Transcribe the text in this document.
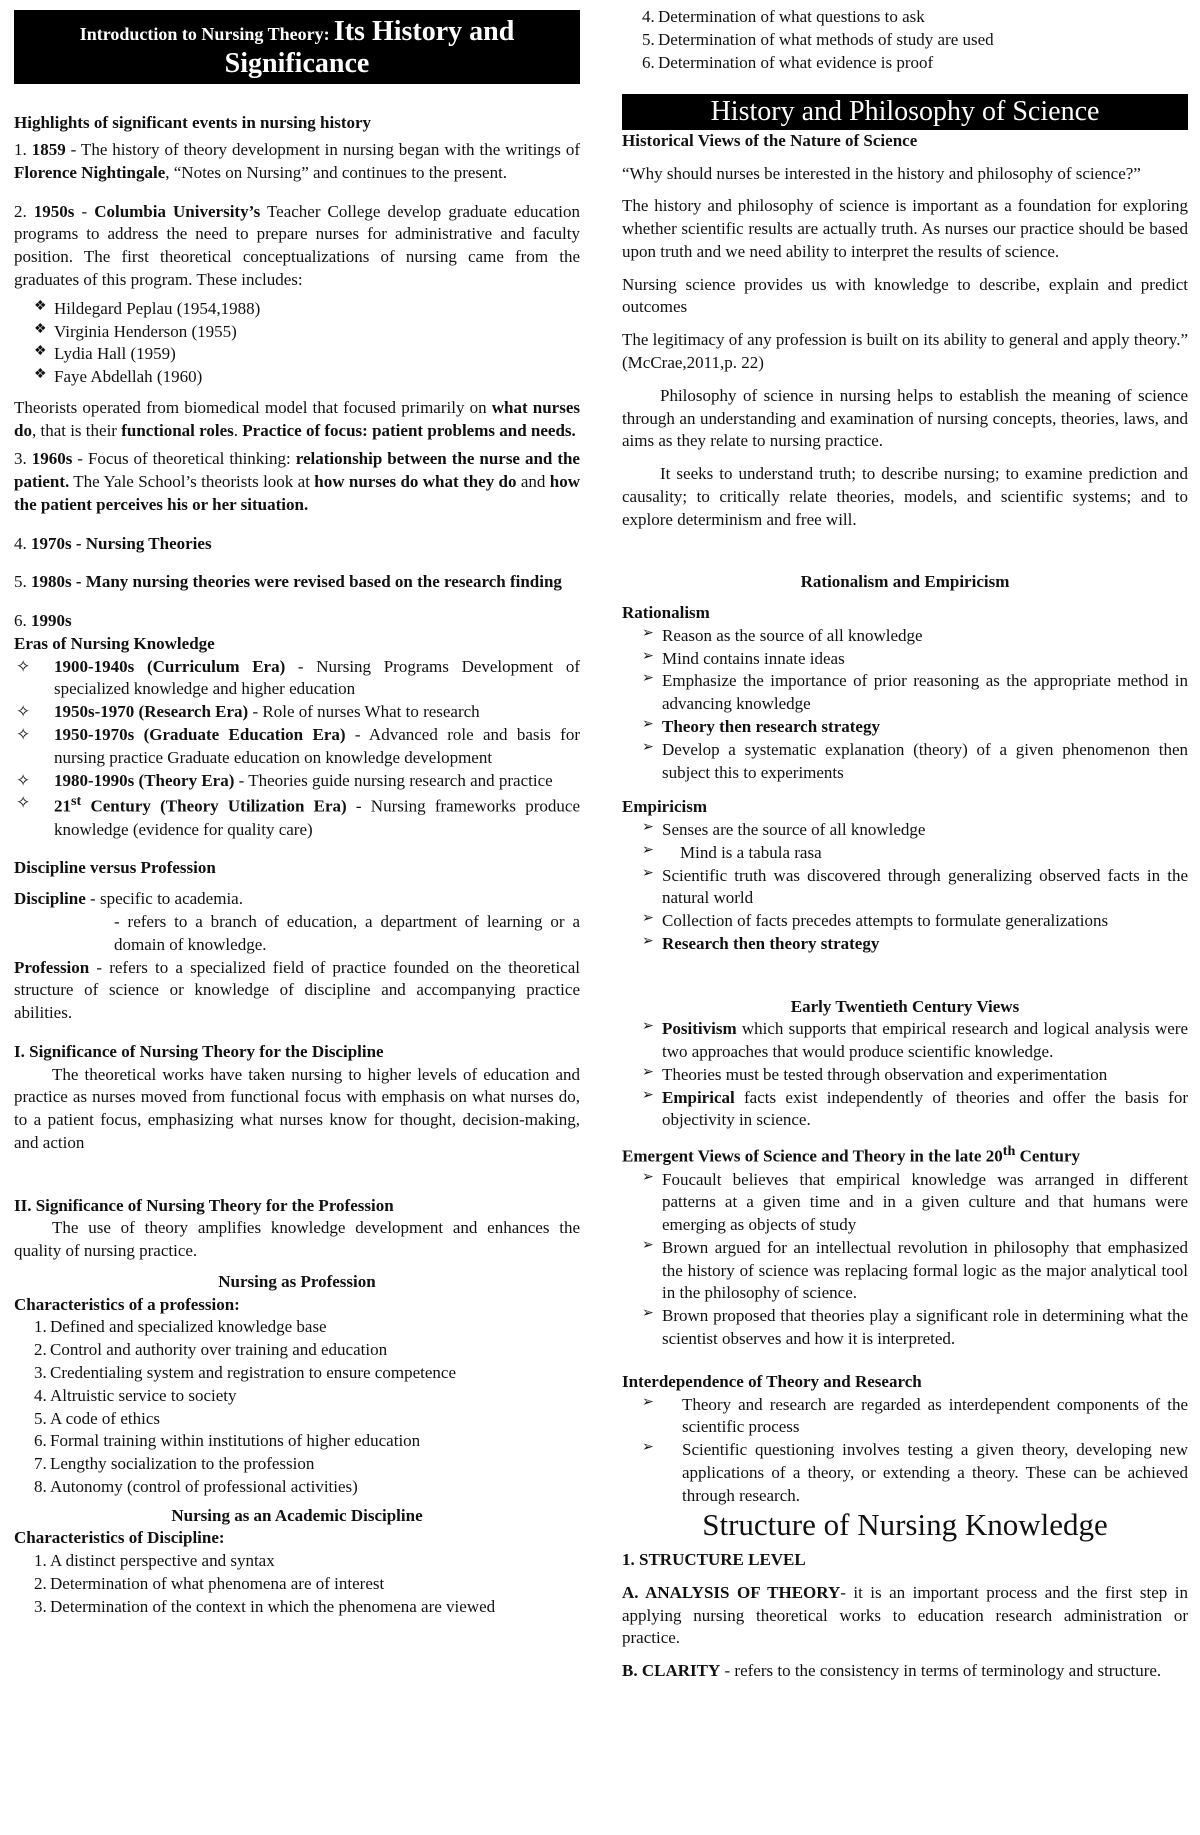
Introduction to Nursing Theory: Its History and Significance

Highlights of significant events in nursing history

1. 1859 - The history of theory development in nursing began with the writings of Florence Nightingale, “Notes on Nursing” and continues to the present.

2. 1950s - Columbia University’s Teacher College develop graduate education programs to address the need to prepare nurses for administrative and faculty position. The first theoretical conceptualizations of nursing came from the graduates of this program. These includes:

❖ Hildegard Peplau (1954,1988)
❖ Virginia Henderson (1955)
❖ Lydia Hall (1959)
❖ Faye Abdellah (1960)

Theorists operated from biomedical model that focused primarily on what nurses do, that is their functional roles. Practice of focus: patient problems and needs.

3. 1960s - Focus of theoretical thinking: relationship between the nurse and the patient. The Yale School’s theorists look at how nurses do what they do and how the patient perceives his or her situation.

4. 1970s - Nursing Theories

5. 1980s - Many nursing theories were revised based on the research finding

6. 1990s

Eras of Nursing Knowledge

✧ 1900-1940s (Curriculum Era) - Nursing Programs Development of specialized knowledge and higher education
✧ 1950s-1970 (Research Era) - Role of nurses What to research
✧ 1950-1970s (Graduate Education Era) - Advanced role and basis for nursing practice Graduate education on knowledge development
✧ 1980-1990s (Theory Era) - Theories guide nursing research and practice
✧ 21st Century (Theory Utilization Era) - Nursing frameworks produce knowledge (evidence for quality care)

Discipline versus Profession

Discipline - specific to academia.

- refers to a branch of education, a department of learning or a domain of knowledge.

Profession - refers to a specialized field of practice founded on the theoretical structure of science or knowledge of discipline and accompanying practice abilities.

I. Significance of Nursing Theory for the Discipline

The theoretical works have taken nursing to higher levels of education and practice as nurses moved from functional focus with emphasis on what nurses do, to a patient focus, emphasizing what nurses know for thought, decision-making, and action

II. Significance of Nursing Theory for the Profession

The use of theory amplifies knowledge development and enhances the quality of nursing practice.

Nursing as Profession

Characteristics of a profession:

1. Defined and specialized knowledge base
2. Control and authority over training and education
3. Credentialing system and registration to ensure competence
4. Altruistic service to society
5. A code of ethics
6. Formal training within institutions of higher education
7. Lengthy socialization to the profession
8. Autonomy (control of professional activities)

Nursing as an Academic Discipline

Characteristics of Discipline:

1. A distinct perspective and syntax
2. Determination of what phenomena are of interest
3. Determination of the context in which the phenomena are viewed
4. Determination of what questions to ask
5. Determination of what methods of study are used
6. Determination of what evidence is proof
History and Philosophy of Science

Historical Views of the Nature of Science

“Why should nurses be interested in the history and philosophy of science?”

The history and philosophy of science is important as a foundation for exploring whether scientific results are actually truth. As nurses our practice should be based upon truth and we need ability to interpret the results of science.

Nursing science provides us with knowledge to describe, explain and predict outcomes

The legitimacy of any profession is built on its ability to general and apply theory.” (McCrae,2011,p. 22)

Philosophy of science in nursing helps to establish the meaning of science through an understanding and examination of nursing concepts, theories, laws, and aims as they relate to nursing practice.

It seeks to understand truth; to describe nursing; to examine prediction and causality; to critically relate theories, models, and scientific systems; and to explore determinism and free will.

Rationalism and Empiricism

Rationalism

➢ Reason as the source of all knowledge
➢ Mind contains innate ideas
➢ Emphasize the importance of prior reasoning as the appropriate method in advancing knowledge
➢ Theory then research strategy
➢ Develop a systematic explanation (theory) of a given phenomenon then subject this to experiments

Empiricism

➢ Senses are the source of all knowledge
➢ Mind is a tabula rasa
➢ Scientific truth was discovered through generalizing observed facts in the natural world
➢ Collection of facts precedes attempts to formulate generalizations
➢ Research then theory strategy

Early Twentieth Century Views

➢ Positivism which supports that empirical research and logical analysis were two approaches that would produce scientific knowledge.
➢ Theories must be tested through observation and experimentation
➢ Empirical facts exist independently of theories and offer the basis for objectivity in science.

Emergent Views of Science and Theory in the late 20th Century

➢ Foucault believes that empirical knowledge was arranged in different patterns at a given time and in a given culture and that humans were emerging as objects of study
➢ Brown argued for an intellectual revolution in philosophy that emphasized the history of science was replacing formal logic as the major analytical tool in the philosophy of science.
➢ Brown proposed that theories play a significant role in determining what the scientist observes and how it is interpreted.

Interdependence of Theory and Research

➢ Theory and research are regarded as interdependent components of the scientific process
➢ Scientific questioning involves testing a given theory, developing new applications of a theory, or extending a theory. These can be achieved through research.

Structure of Nursing Knowledge

1. STRUCTURE LEVEL

A. ANALYSIS OF THEORY- it is an important process and the first step in applying nursing theoretical works to education research administration or practice.

B. CLARITY - refers to the consistency in terms of terminology and structure.
